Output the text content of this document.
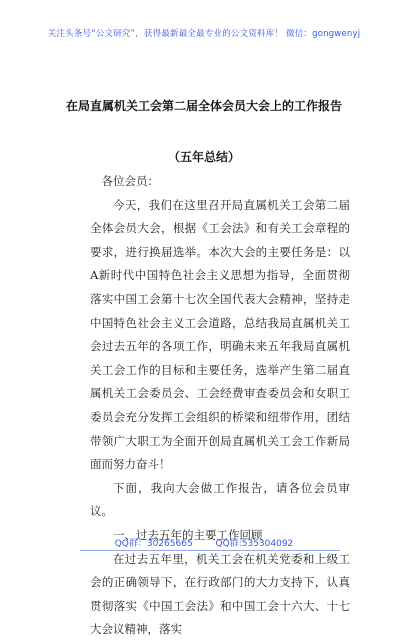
关注头条号“公文研究”，获得最新最全最专业的公文资料库！ 微信：gongwenyj
在局直属机关工会第二届全体会员大会上的工作报告
（五年总结）

各位会员：

今天，我们在这里召开局直属机关工会第二届全体会员大会，根据《工会法》和有关工会章程的要求，进行换届选举。本次大会的主要任务是：以A新时代中国特色社会主义思想为指导，全面贯彻落实中国工会第十七次全国代表大会精神，坚持走中国特色社会主义工会道路，总结我局直属机关工会过去五年的各项工作，明确未来五年我局直属机关工会工作的目标和主要任务，选举产生第二届直属机关工会委员会、工会经费审查委员会和女职工委员会充分发挥工会组织的桥梁和纽带作用，团结带领广大职工为全面开创局直属机关工会工作新局面而努力奋斗！

下面，我向大会做工作报告，请各位会员审议。

一、过去五年的主要工作回顾

在过去五年里，机关工会在机关党委和上级工会的正确领导下，在行政部门的大力支持下，认真贯彻落实《中国工会法》和中国工会十六大、十七大会议精神，落实

QQ群：30265665	QQ群:535304092
